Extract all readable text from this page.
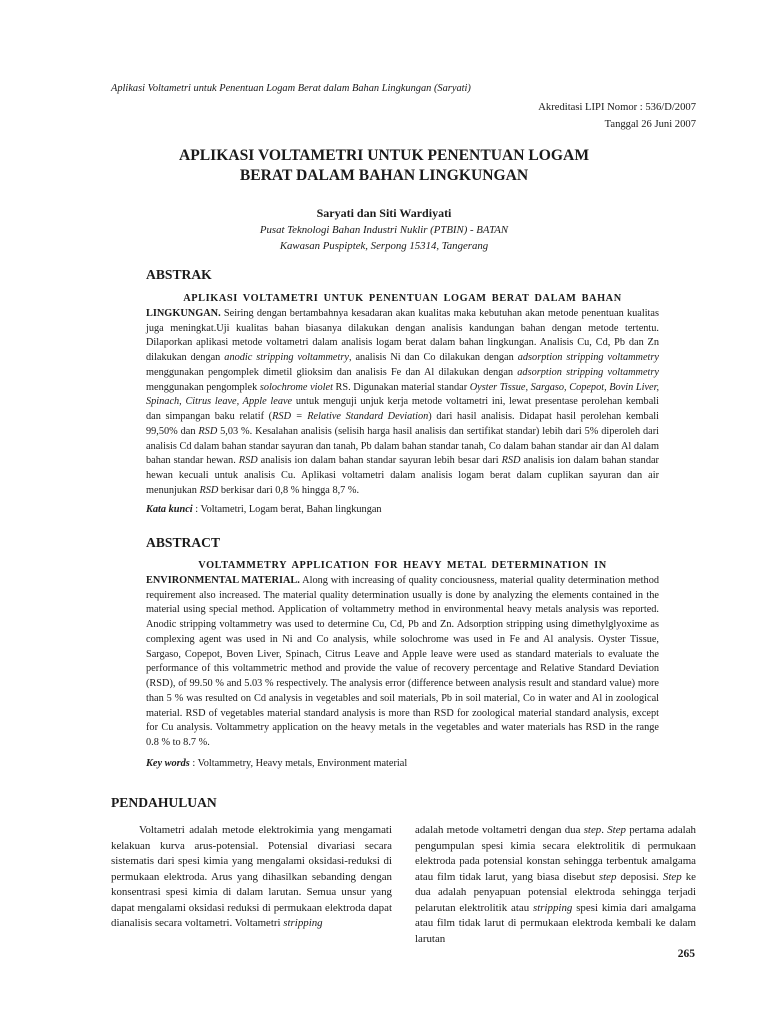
Aplikasi Voltametri untuk Penentuan Logam Berat dalam Bahan Lingkungan (Saryati)
Akreditasi LIPI Nomor : 536/D/2007
Tanggal 26 Juni 2007
APLIKASI VOLTAMETRI UNTUK PENENTUAN LOGAM
BERAT DALAM BAHAN LINGKUNGAN
Saryati dan Siti Wardiyati
Pusat Teknologi Bahan Industri Nuklir (PTBIN) - BATAN
Kawasan Puspiptek, Serpong 15314, Tangerang
ABSTRAK

APLIKASI VOLTAMETRI UNTUK PENENTUAN LOGAM BERAT DALAM BAHAN
LINGKUNGAN. Seiring dengan bertambahnya kesadaran akan kualitas maka kebutuhan akan metode penentuan kualitas juga meningkat.Uji kualitas bahan biasanya dilakukan dengan analisis kandungan bahan dengan metode tertentu. Dilaporkan aplikasi metode voltametri dalam analisis logam berat dalam bahan lingkungan. Analisis Cu, Cd, Pb dan Zn dilakukan dengan anodic stripping voltammetry, analisis Ni dan Co dilakukan dengan adsorption stripping voltammetry menggunakan pengomplek dimetil glioksim dan analisis Fe dan Al dilakukan dengan adsorption stripping voltammetry menggunakan pengomplek solochrome violet RS. Digunakan material standar Oyster Tissue, Sargaso, Copepot, Bovin Liver, Spinach, Citrus leave, Apple leave untuk menguji unjuk kerja metode voltametri ini, lewat presentase perolehan kembali dan simpangan baku relatif (RSD = Relative Standard Deviation) dari hasil analisis. Didapat hasil perolehan kembali 99,50% dan RSD 5,03 %. Kesalahan analisis (selisih harga hasil analisis dan sertifikat standar) lebih dari 5% diperoleh dari analisis Cd dalam bahan standar sayuran dan tanah, Pb dalam bahan standar tanah, Co dalam bahan standar air dan Al dalam bahan standar hewan. RSD analisis ion dalam bahan standar sayuran lebih besar dari RSD analisis ion dalam bahan standar hewan kecuali untuk analisis Cu. Aplikasi voltametri dalam analisis logam berat dalam cuplikan sayuran dan air menunjukan RSD berkisar dari 0,8 % hingga 8,7 %.

Kata kunci : Voltametri, Logam berat, Bahan lingkungan

ABSTRACT

VOLTAMMETRY APPLICATION FOR HEAVY METAL DETERMINATION IN
ENVIRONMENTAL MATERIAL. Along with increasing of quality conciousness, material quality determination method requirement also increased. The material quality determination usually is done by analyzing the elements contained in the material using special method. Application of voltammetry method in environmental heavy metals analysis was reported. Anodic stripping voltammetry was used to determine Cu, Cd, Pb and Zn. Adsorption stripping using dimethylglyoxime as complexing agent was used in Ni and Co analysis, while solochrome was used in Fe and Al analysis. Oyster Tissue, Sargaso, Copepot, Boven Liver, Spinach, Citrus Leave and Apple leave were used as standard materials to evaluate the performance of this voltammetric method and provide the value of recovery percentage and Relative Standard Deviation (RSD), of 99.50 % and 5.03 % respectively. The analysis error (difference between analysis result and standard value) more than 5 % was resulted on Cd analysis in vegetables and soil materials, Pb in soil material, Co in water and Al in zoological material. RSD of vegetables material standard analysis is more than RSD for zoological material standard analysis, except for Cu analysis. Voltammetry application on the heavy metals in the vegetables and water materials has RSD in the range 0.8 % to 8.7 %.

Key words : Voltammetry, Heavy metals, Environment material

PENDAHULUAN

Voltametri adalah metode elektrokimia yang mengamati kelakuan kurva arus-potensial. Potensial divariasi secara sistematis dari spesi kimia yang mengalami oksidasi-reduksi di permukaan elektroda. Arus yang dihasilkan sebanding dengan konsentrasi spesi kimia di dalam larutan. Semua unsur yang dapat mengalami oksidasi reduksi di permukaan elektroda dapat dianalisis secara voltametri. Voltametri stripping

adalah metode voltametri dengan dua step. Step pertama adalah pengumpulan spesi kimia secara elektrolitik di permukaan elektroda pada potensial konstan sehingga terbentuk amalgama atau film tidak larut, yang biasa disebut step deposisi. Step ke dua adalah penyapuan potensial elektroda sehingga terjadi pelarutan elektrolitik atau stripping spesi kimia dari amalgama atau film tidak larut di permukaan elektroda kembali ke dalam larutan

265
